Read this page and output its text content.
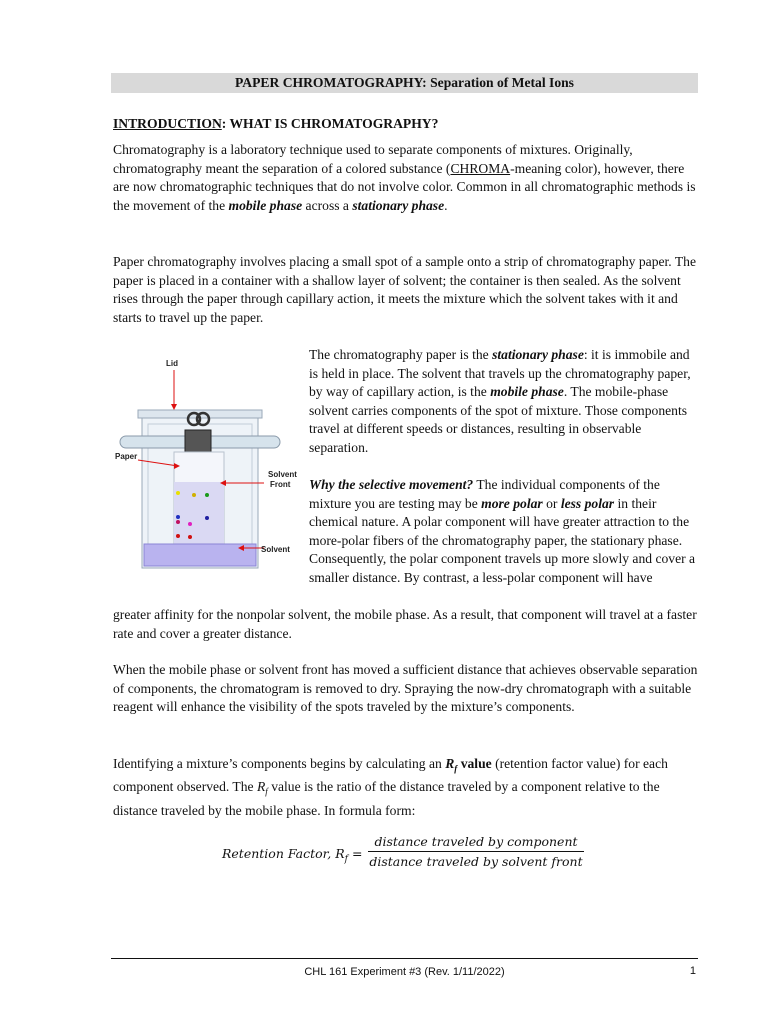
PAPER CHROMATOGRAPHY: Separation of Metal Ions
INTRODUCTION: WHAT IS CHROMATOGRAPHY?

Chromatography is a laboratory technique used to separate components of mixtures. Originally, chromatography meant the separation of a colored substance (CHROMA-meaning color), however, there are now chromatographic techniques that do not involve color. Common in all chromatographic methods is the movement of the mobile phase across a stationary phase.

Paper chromatography involves placing a small spot of a sample onto a strip of chromatography paper. The paper is placed in a container with a shallow layer of solvent; the container is then sealed. As the solvent rises through the paper through capillary action, it meets the mixture which the solvent takes with it and starts to travel up the paper.

Lid
Paper
Solvent
Front
Solvent

The chromatography paper is the stationary phase: it is immobile and is held in place. The solvent that travels up the chromatography paper, by way of capillary action, is the mobile phase. The mobile-phase solvent carries components of the spot of mixture. Those components travel at different speeds or distances, resulting in observable separation.

Why the selective movement? The individual components of the mixture you are testing may be more polar or less polar in their chemical nature. A polar component will have greater attraction to the more-polar fibers of the chromatography paper, the stationary phase. Consequently, the polar component travels up more slowly and cover a smaller distance. By contrast, a less-polar component will have

greater affinity for the nonpolar solvent, the mobile phase. As a result, that component will travel at a faster rate and cover a greater distance.

When the mobile phase or solvent front has moved a sufficient distance that achieves observable separation of components, the chromatogram is removed to dry. Spraying the now-dry chromatograph with a suitable reagent will enhance the visibility of the spots traveled by the mixture’s components.

Identifying a mixture’s components begins by calculating an $R_f$ value (retention factor value) for each component observed. The $R_f$ value is the ratio of the distance traveled by a component relative to the distance traveled by the mobile phase. In formula form:

Retention Factor, $R_f$ =
distance traveled by component
distance traveled by solvent front
CHL 161 Experiment #3 (Rev. 1/11/2022)	1
